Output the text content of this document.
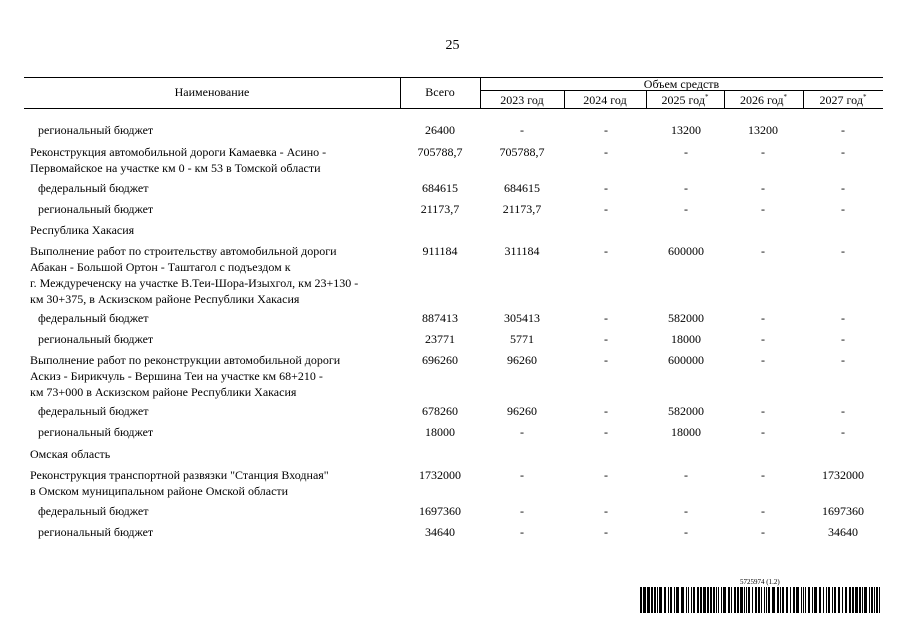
25
Наименование	Всего
Объем средств
2023 год	2024 год	2025 год*	2026 год*	2027 год*
региональный бюджет	26400	-	-	13200	13200	-
Реконструкция автомобильной дороги Камаевка - Асино -
Первомайское на участке км 0 - км 53 в Томской области
705788,7	705788,7	-	-	-	-
федеральный бюджет	684615	684615	-	-	-	-
региональный бюджет	21173,7	21173,7	-	-	-	-
Республика Хакасия
Выполнение работ по строительству автомобильной дороги
Абакан - Большой Ортон - Таштагол с подъездом к
г. Междуреченску на участке В.Теи-Шора-Изыхгол, км 23+130 -
км 30+375, в Аскизском районе Республики Хакасия
911184	311184	-	600000	-	-
федеральный бюджет	887413	305413	-	582000	-	-
региональный бюджет	23771	5771	-	18000	-	-
Выполнение работ по реконструкции автомобильной дороги
Аскиз - Бирикчуль - Вершина Теи на участке км 68+210 -
км 73+000 в Аскизском районе Республики Хакасия
696260	96260	-	600000	-	-
федеральный бюджет	678260	96260	-	582000	-	-
региональный бюджет	18000	-	-	18000	-	-
Омская область
Реконструкция транспортной развязки "Станция Входная"
в Омском муниципальном районе Омской области
1732000	-	-	-	-	1732000
федеральный бюджет	1697360	-	-	-	-	1697360
региональный бюджет	34640	-	-	-	-	34640
5725974 (1.2)
